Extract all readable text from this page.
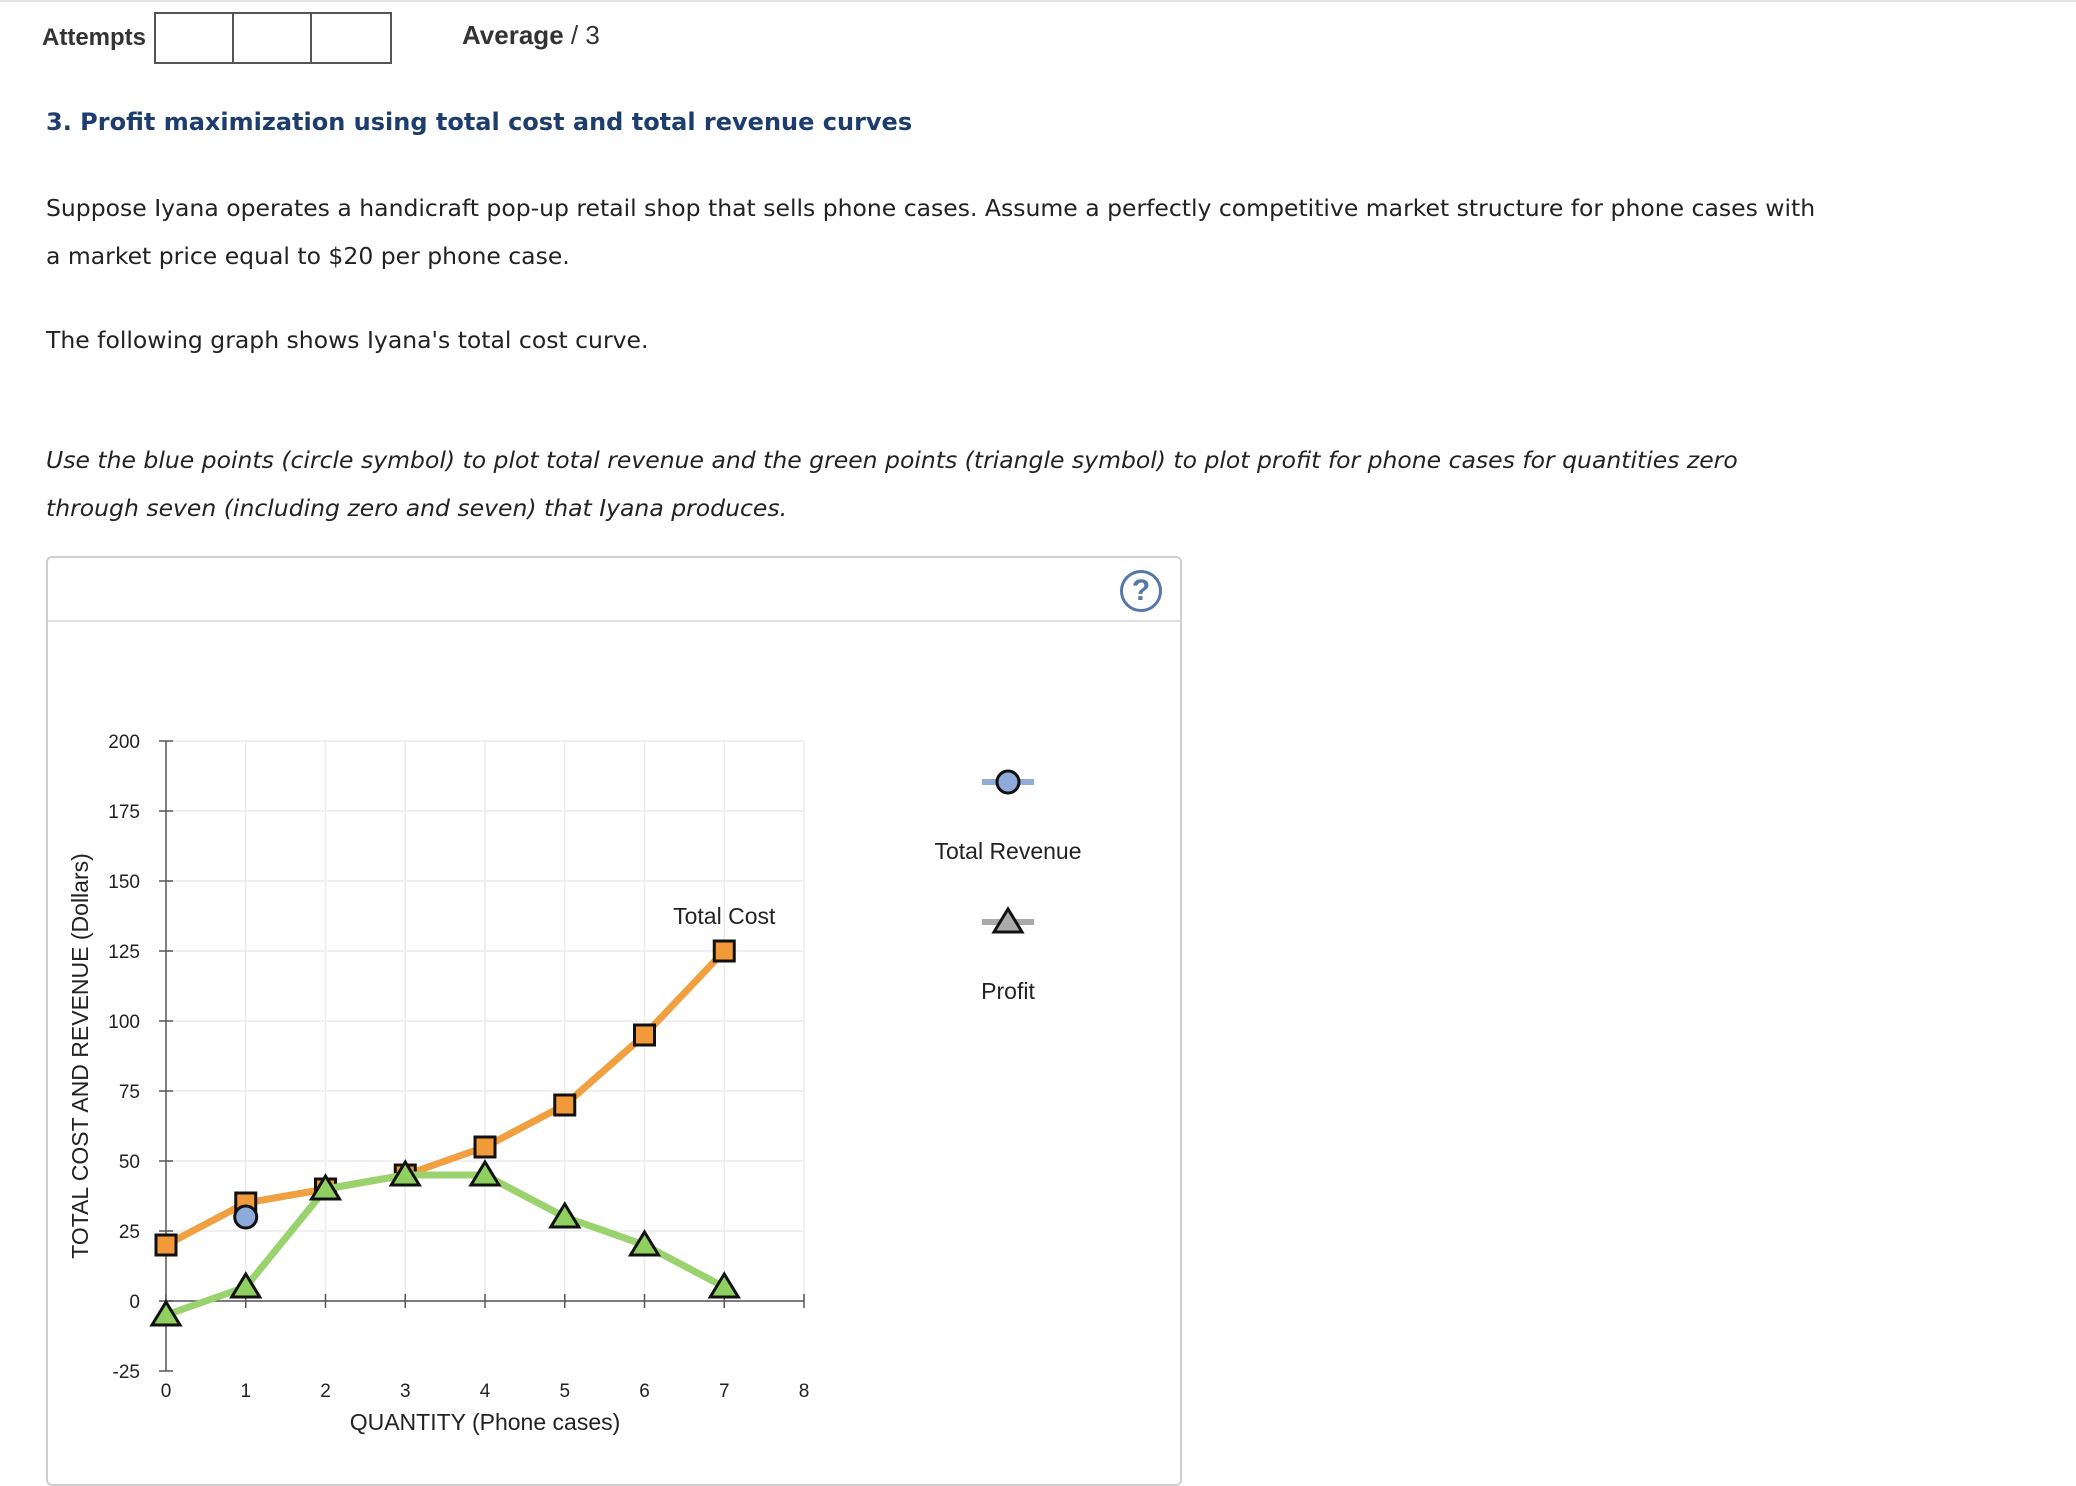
Attempts	Average / 3
3. Profit maximization using total cost and total revenue curves
Suppose Iyana operates a handicraft pop-up retail shop that sells phone cases. Assume a perfectly competitive market structure for phone cases with
a market price equal to $20 per phone case.
The following graph shows Iyana's total cost curve.
Use the blue points (circle symbol) to plot total revenue and the green points (triangle symbol) to plot profit for phone cases for quantities zero
through seven (including zero and seven) that Iyana produces.
?
200
175
150
125
100
75
50
25
0
-25
0	1	2	3	4	5	6	7	8
QUANTITY (Phone cases)
TOTAL COST AND REVENUE (Dollars)	Total Cost
Total Revenue
Profit
